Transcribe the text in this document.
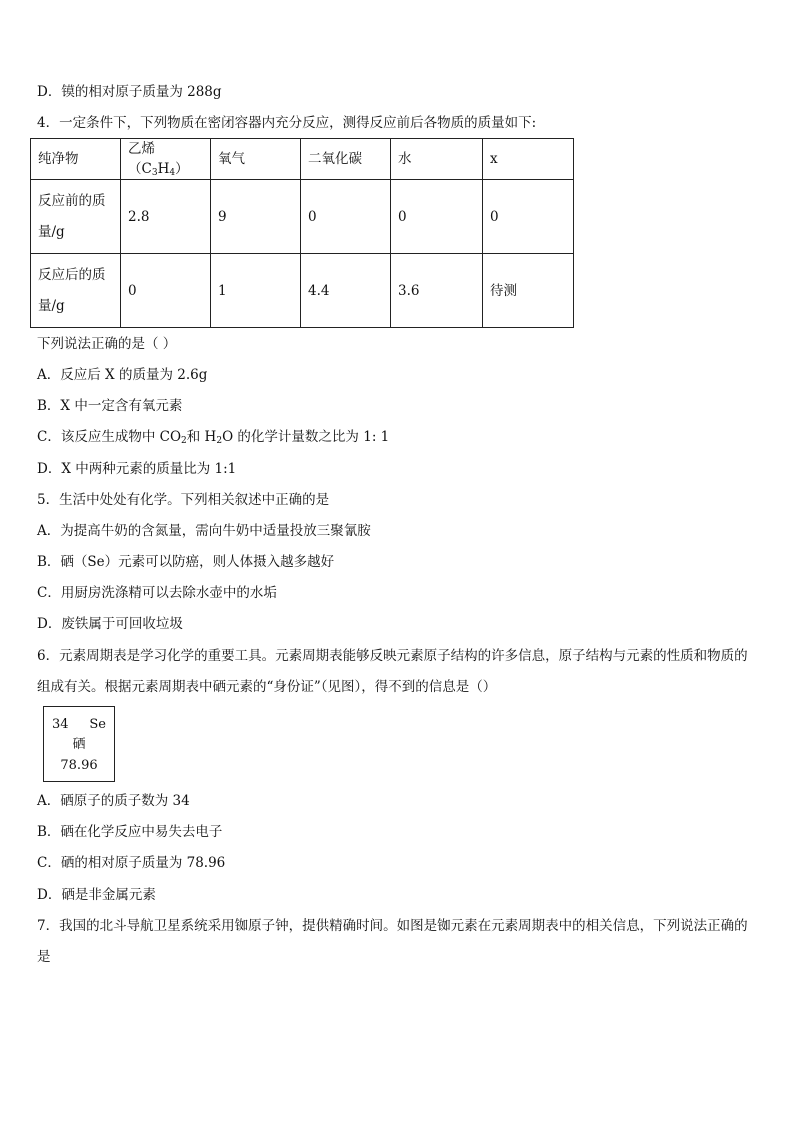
D．镆的相对原子质量为 288g
4．一定条件下，下列物质在密闭容器内充分反应，测得反应前后各物质的质量如下:
纯净物	乙烯$(C_3H_4)$	氧气	二氧化碳	水	x
反应前的质
量/g	2.8	9	0	0	0
反应后的质
量/g	0	1	4.4	3.6	待测
下列说法正确的是（ ）
A．反应后 X 的质量为 2.6g
B．X 中一定含有氧元素
C．该反应生成物中 $CO_2$和 $H_2O$ 的化学计量数之比为 1: 1
D．X 中两种元素的质量比为 1:1
5．生活中处处有化学。下列相关叙述中正确的是
A．为提高牛奶的含氮量，需向牛奶中适量投放三聚氰胺
B．硒（Se）元素可以防癌，则人体摄入越多越好
C．用厨房洗涤精可以去除水壶中的水垢
D．废铁属于可回收垃圾
6．元素周期表是学习化学的重要工具。元素周期表能够反映元素原子结构的许多信息，原子结构与元素的性质和物质的组成有关。根据元素周期表中硒元素的“身份证”（见图），得不到的信息是（）
34 Se
硒
78.96
A．硒原子的质子数为 34
B．硒在化学反应中易失去电子
C．硒的相对原子质量为 78.96
D．硒是非金属元素
7．我国的北斗导航卫星系统采用铷原子钟，提供精确时间。如图是铷元素在元素周期表中的相关信息，下列说法正确的是
